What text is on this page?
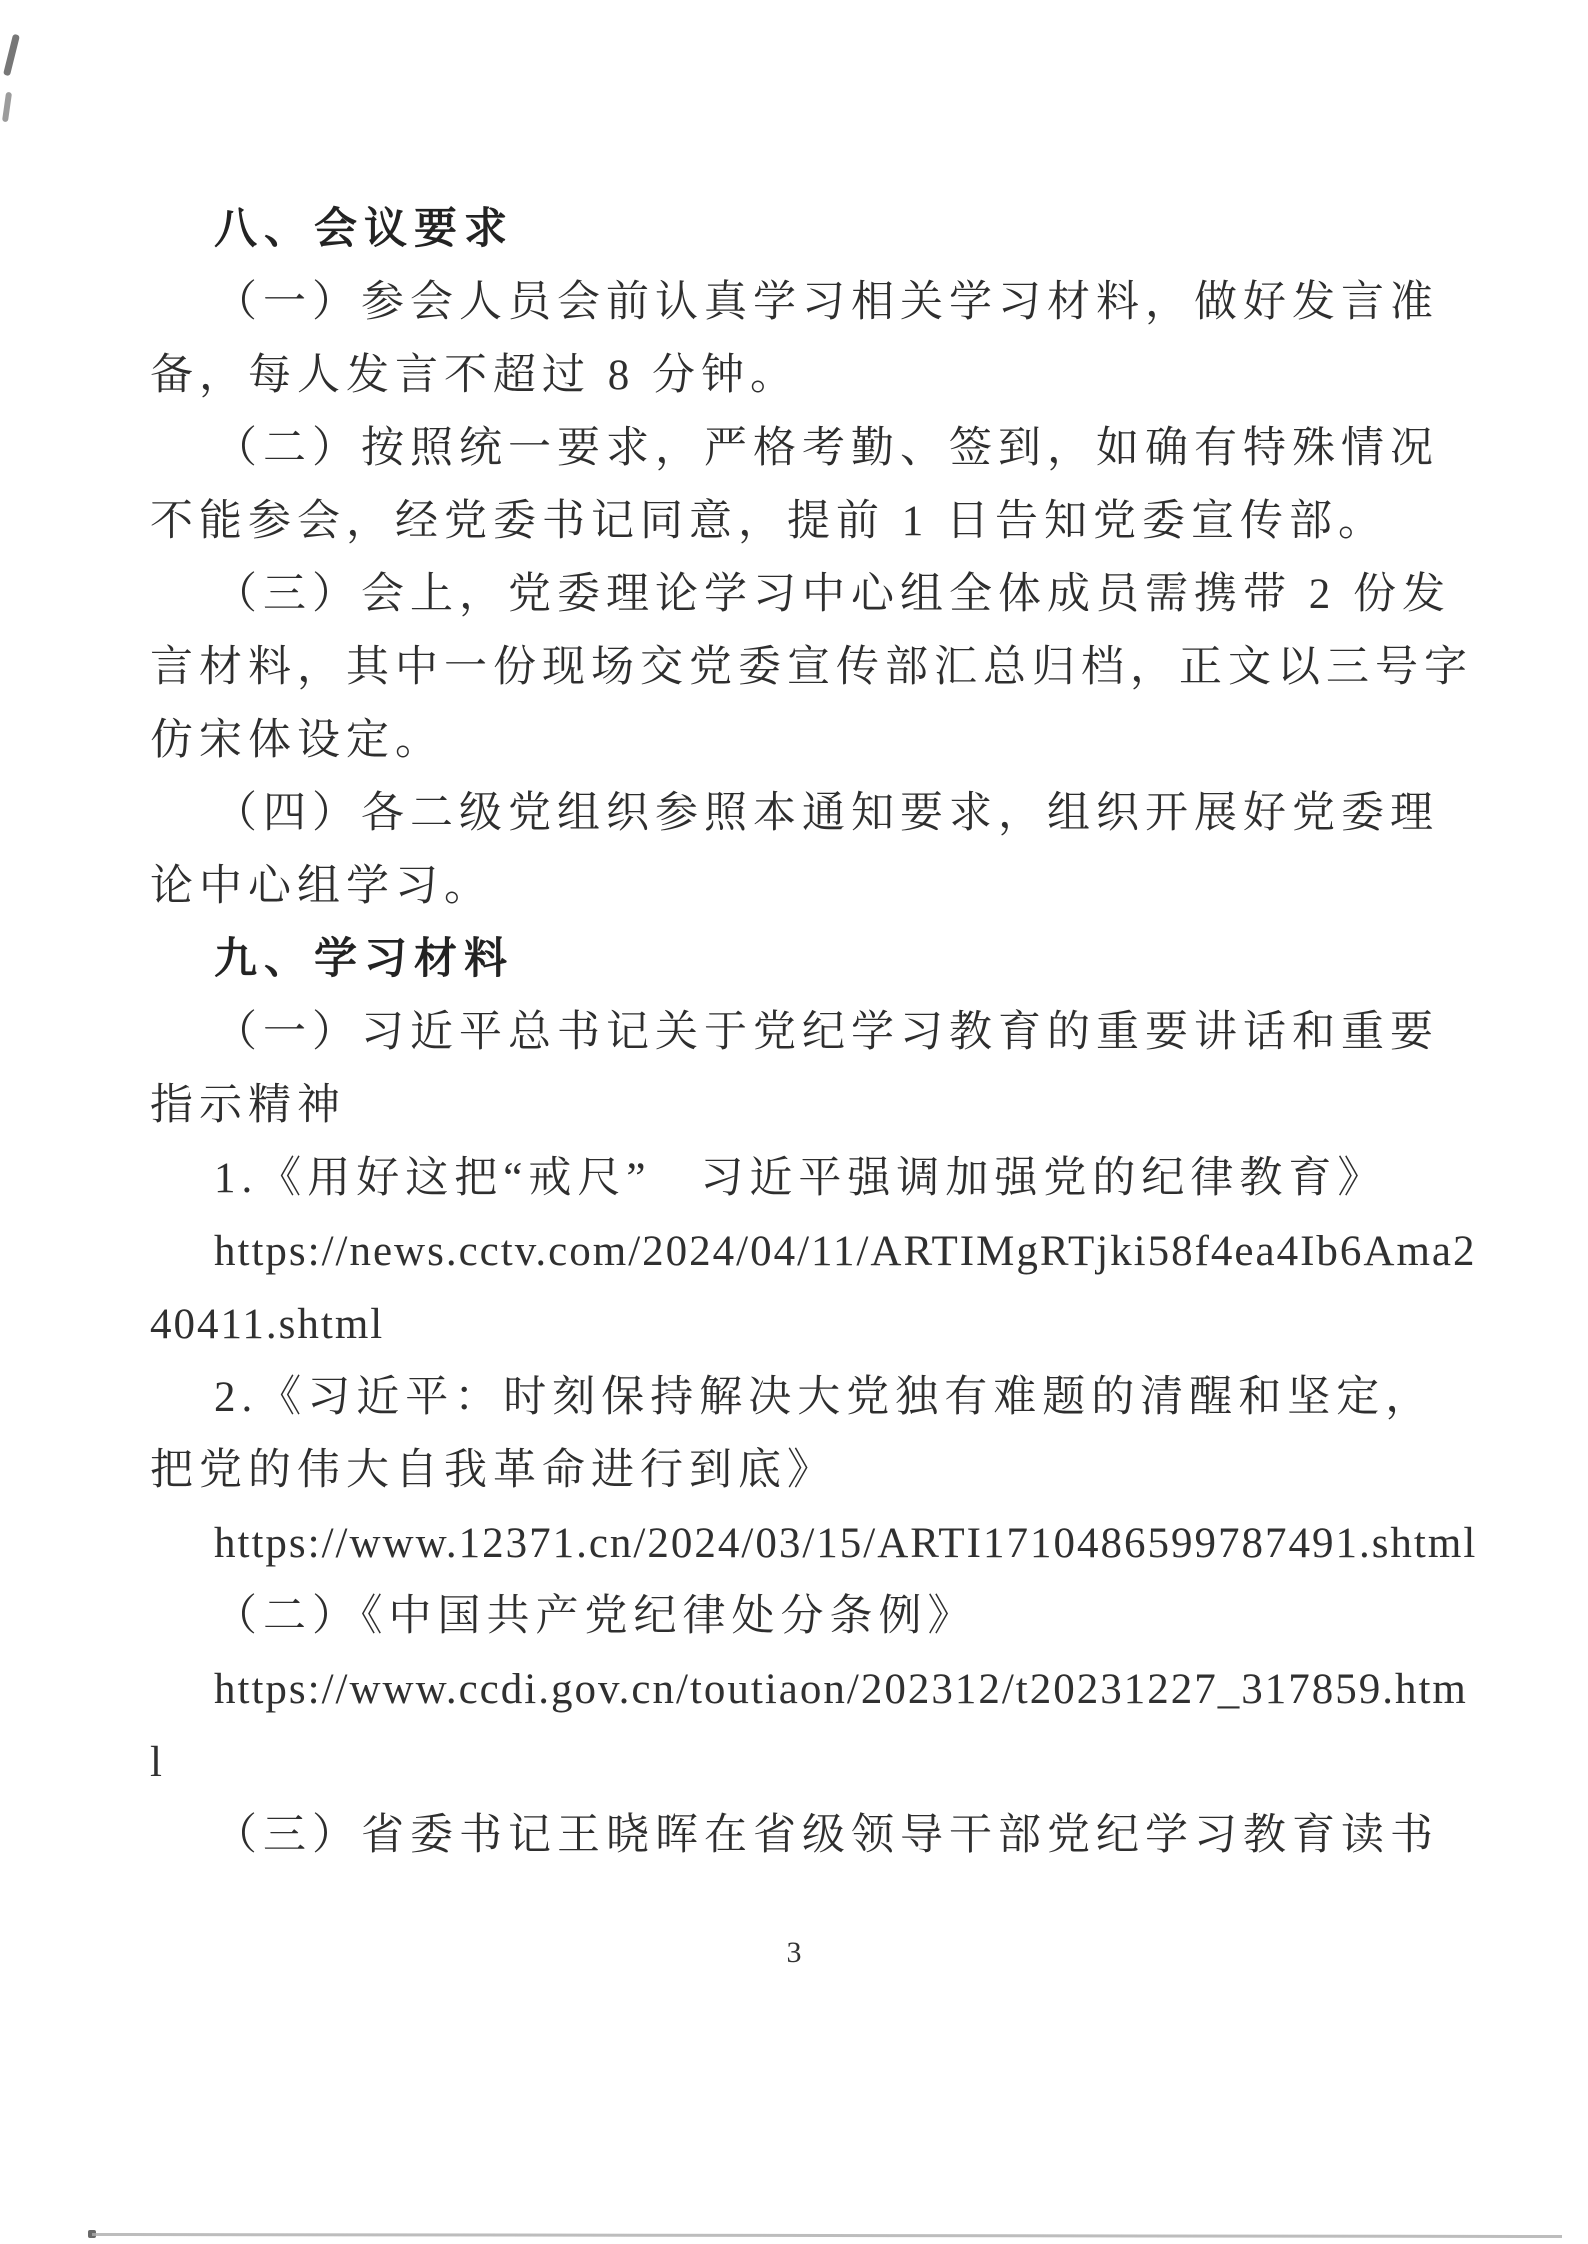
八、会议要求
（一）参会人员会前认真学习相关学习材料，做好发言准备，每人发言不超过 8 分钟。
（二）按照统一要求，严格考勤、签到，如确有特殊情况不能参会，经党委书记同意，提前 1 日告知党委宣传部。
（三）会上，党委理论学习中心组全体成员需携带 2 份发言材料，其中一份现场交党委宣传部汇总归档，正文以三号字仿宋体设定。
（四）各二级党组织参照本通知要求，组织开展好党委理论中心组学习。
九、学习材料
（一）习近平总书记关于党纪学习教育的重要讲话和重要指示精神
1.《用好这把“戒尺”　习近平强调加强党的纪律教育》
https://news.cctv.com/2024/04/11/ARTIMgRTjki58f4ea4Ib6Ama240411.shtml
2.《习近平：时刻保持解决大党独有难题的清醒和坚定，把党的伟大自我革命进行到底》
https://www.12371.cn/2024/03/15/ARTI1710486599787491.shtml
（二）《中国共产党纪律处分条例》
https://www.ccdi.gov.cn/toutiaon/202312/t20231227_317859.html
（三）省委书记王晓晖在省级领导干部党纪学习教育读书
3
